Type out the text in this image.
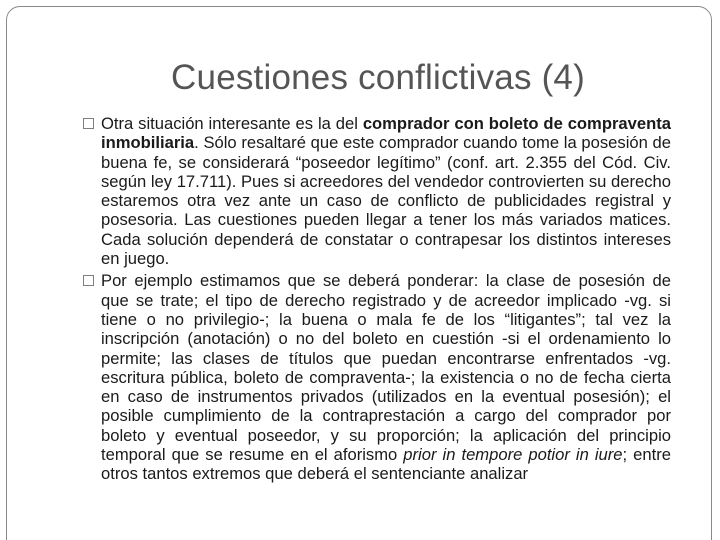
Cuestiones conflictivas (4)

Otra situación interesante es la del comprador con boleto de compraventa inmobiliaria. Sólo resaltaré que este comprador cuando tome la posesión de buena fe, se considerará “poseedor legítimo” (conf. art. 2.355 del Cód. Civ. según ley 17.711). Pues si acreedores del vendedor controvierten su derecho estaremos otra vez ante un caso de conflicto de publicidades registral y posesoria. Las cuestiones pueden llegar a tener los más variados matices. Cada solución dependerá de constatar o contrapesar los distintos intereses en juego.

Por ejemplo estimamos que se deberá ponderar: la clase de posesión de que se trate; el tipo de derecho registrado y de acreedor implicado -vg. si tiene o no privilegio-; la buena o mala fe de los “litigantes”; tal vez la inscripción (anotación) o no del boleto en cuestión -si el ordenamiento lo permite; las clases de títulos que puedan encontrarse enfrentados -vg. escritura pública, boleto de compraventa-; la existencia o no de fecha cierta en caso de instrumentos privados (utilizados en la eventual posesión); el posible cumplimiento de la contraprestación a cargo del comprador por boleto y eventual poseedor, y su proporción; la aplicación del principio temporal que se resume en el aforismo prior in tempore potior in iure; entre otros tantos extremos que deberá el sentenciante analizar
